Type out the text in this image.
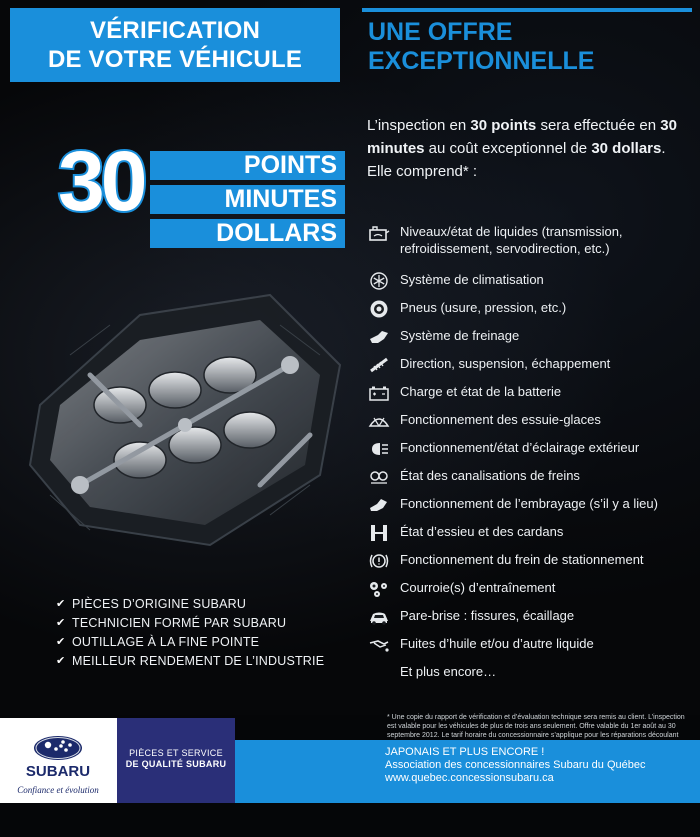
VÉRIFICATION
DE VOTRE VÉHICULE
UNE OFFRE
EXCEPTIONNELLE
POINTS
MINUTES
DOLLARS
30
✔ PIÈCES D’ORIGINE SUBARU
✔ TECHNICIEN FORMÉ PAR SUBARU
✔ OUTILLAGE À LA FINE POINTE
✔ MEILLEUR RENDEMENT DE L’INDUSTRIE
L’inspection en 30 points sera effectuée en 30 minutes au coût exceptionnel de 30 dollars.
Elle comprend* :
Niveaux/état de liquides (transmission, refroidissement, servodirection, etc.)
Système de climatisation
Pneus (usure, pression, etc.)
Système de freinage
Direction, suspension, échappement
Charge et état de la batterie
Fonctionnement des essuie-glaces
Fonctionnement/état d’éclairage extérieur
État des canalisations de freins
Fonctionnement de l’embrayage (s’il y a lieu)
État d’essieu et des cardans
Fonctionnement du frein de stationnement
Courroie(s) d’entraînement
Pare-brise : fissures, écaillage
Fuites d’huile et/ou d’autre liquide
Et plus encore…
* Une copie du rapport de vérification et d’évaluation technique sera remis au client. L’inspection est valable pour les véhicules de plus de trois ans seulement. Offre valable du 1er août au 30 septembre 2012. Le tarif horaire du concessionnaire s’applique pour les réparations découlant
SUBARU
Confiance et évolution
PIÈCES ET SERVICE
DE QUALITÉ SUBARU
JAPONAIS ET PLUS ENCORE !
Association des concessionnaires Subaru du Québec
www.quebec.concessionsubaru.ca
